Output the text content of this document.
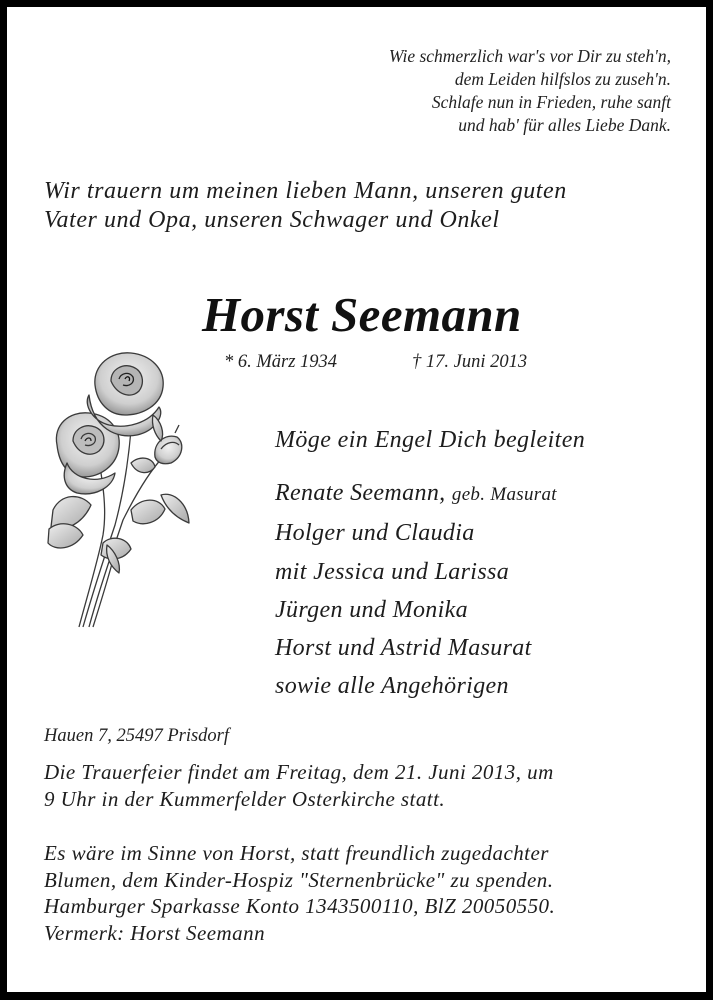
Wie schmerzlich war's vor Dir zu steh'n,
dem Leiden hilfslos zu zuseh'n.
Schlafe nun in Frieden, ruhe sanft
und hab' für alles Liebe Dank.
Wir trauern um meinen lieben Mann, unseren guten
Vater und Opa, unseren Schwager und Onkel
Horst Seemann
* 6. März 1934	† 17. Juni 2013
Möge ein Engel Dich begleiten
Renate Seemann, geb. Masurat
Holger und Claudia
mit Jessica und Larissa
Jürgen und Monika
Horst und Astrid Masurat
sowie alle Angehörigen
Hauen 7, 25497 Prisdorf
Die Trauerfeier findet am Freitag, dem 21. Juni 2013, um
9 Uhr in der Kummerfelder Osterkirche statt.
Es wäre im Sinne von Horst, statt freundlich zugedachter
Blumen, dem Kinder-Hospiz "Sternenbrücke" zu spenden.
Hamburger Sparkasse Konto 1343500110, BlZ 20050550.
Vermerk: Horst Seemann
